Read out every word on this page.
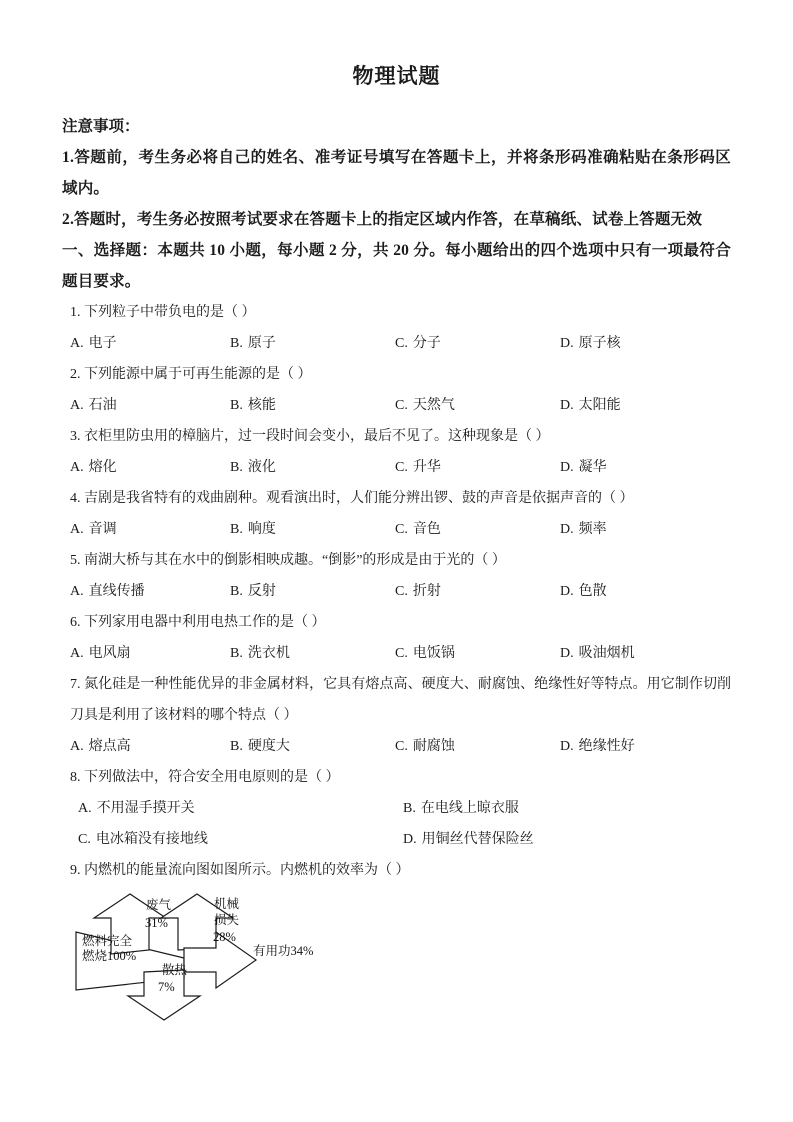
物理试题
注意事项：
1.答题前，考生务必将自己的姓名、准考证号填写在答题卡上，并将条形码准确粘贴在条形码区域内。
2.答题时，考生务必按照考试要求在答题卡上的指定区域内作答，在草稿纸、试卷上答题无效
一、选择题：本题共 10 小题，每小题 2 分，共 20 分。每小题给出的四个选项中只有一项最符合题目要求。
1. 下列粒子中带负电的是（ ）
A. 电子	B. 原子	C. 分子	D. 原子核
2. 下列能源中属于可再生能源的是（ ）
A. 石油	B. 核能	C. 天然气	D. 太阳能
3. 衣柜里防虫用的樟脑片，过一段时间会变小，最后不见了。这种现象是（ ）
A. 熔化	B. 液化	C. 升华	D. 凝华
4. 吉剧是我省特有的戏曲剧种。观看演出时，人们能分辨出锣、鼓的声音是依据声音的（ ）
A. 音调	B. 响度	C. 音色	D. 频率
5. 南湖大桥与其在水中的倒影相映成趣。“倒影”的形成是由于光的（ ）
A. 直线传播	B. 反射	C. 折射	D. 色散
6. 下列家用电器中利用电热工作的是（ ）
A. 电风扇	B. 洗衣机	C. 电饭锅	D. 吸油烟机
7. 氮化硅是一种性能优异的非金属材料，它具有熔点高、硬度大、耐腐蚀、绝缘性好等特点。用它制作切削刀具是利用了该材料的哪个特点（ ）
A. 熔点高	B. 硬度大	C. 耐腐蚀	D. 绝缘性好
8. 下列做法中，符合安全用电原则的是（ ）
A. 不用湿手摸开关	B. 在电线上晾衣服
C. 电冰箱没有接地线	D. 用铜丝代替保险丝
9. 内燃机的能量流向图如图所示。内燃机的效率为（ ）
燃料完全
燃烧100%
废气
31%
机械
损失
28%
有用功34%
散热
7%
